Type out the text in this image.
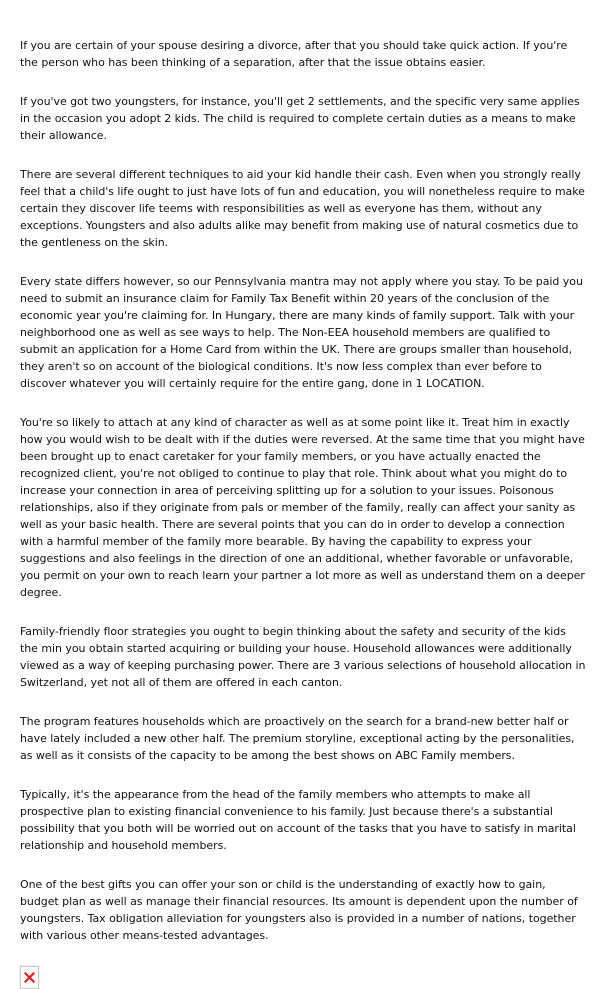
If you are certain of your spouse desiring a divorce, after that you should take quick action. If you're the person who has been thinking of a separation, after that the issue obtains easier.

If you've got two youngsters, for instance, you'll get 2 settlements, and the specific very same applies in the occasion you adopt 2 kids. The child is required to complete certain duties as a means to make their allowance.

There are several different techniques to aid your kid handle their cash. Even when you strongly really feel that a child's life ought to just have lots of fun and education, you will nonetheless require to make certain they discover life teems with responsibilities as well as everyone has them, without any exceptions. Youngsters and also adults alike may benefit from making use of natural cosmetics due to the gentleness on the skin.

Every state differs however, so our Pennsylvania mantra may not apply where you stay. To be paid you need to submit an insurance claim for Family Tax Benefit within 20 years of the conclusion of the economic year you're claiming for. In Hungary, there are many kinds of family support. Talk with your neighborhood one as well as see ways to help. The Non-EEA household members are qualified to submit an application for a Home Card from within the UK. There are groups smaller than household, they aren't so on account of the biological conditions. It's now less complex than ever before to discover whatever you will certainly require for the entire gang, done in 1 LOCATION.

You're so likely to attach at any kind of character as well as at some point like it. Treat him in exactly how you would wish to be dealt with if the duties were reversed. At the same time that you might have been brought up to enact caretaker for your family members, or you have actually enacted the recognized client, you're not obliged to continue to play that role. Think about what you might do to increase your connection in area of perceiving splitting up for a solution to your issues. Poisonous relationships, also if they originate from pals or member of the family, really can affect your sanity as well as your basic health. There are several points that you can do in order to develop a connection with a harmful member of the family more bearable. By having the capability to express your suggestions and also feelings in the direction of one an additional, whether favorable or unfavorable, you permit on your own to reach learn your partner a lot more as well as understand them on a deeper degree.

Family-friendly floor strategies you ought to begin thinking about the safety and security of the kids the min you obtain started acquiring or building your house. Household allowances were additionally viewed as a way of keeping purchasing power. There are 3 various selections of household allocation in Switzerland, yet not all of them are offered in each canton.

The program features households which are proactively on the search for a brand-new better half or have lately included a new other half. The premium storyline, exceptional acting by the personalities, as well as it consists of the capacity to be among the best shows on ABC Family members.

Typically, it's the appearance from the head of the family members who attempts to make all prospective plan to existing financial convenience to his family. Just because there's a substantial possibility that you both will be worried out on account of the tasks that you have to satisfy in marital relationship and household members.

One of the best gifts you can offer your son or child is the understanding of exactly how to gain, budget plan as well as manage their financial resources. Its amount is dependent upon the number of youngsters. Tax obligation alleviation for youngsters also is provided in a number of nations, together with various other means-tested advantages.
